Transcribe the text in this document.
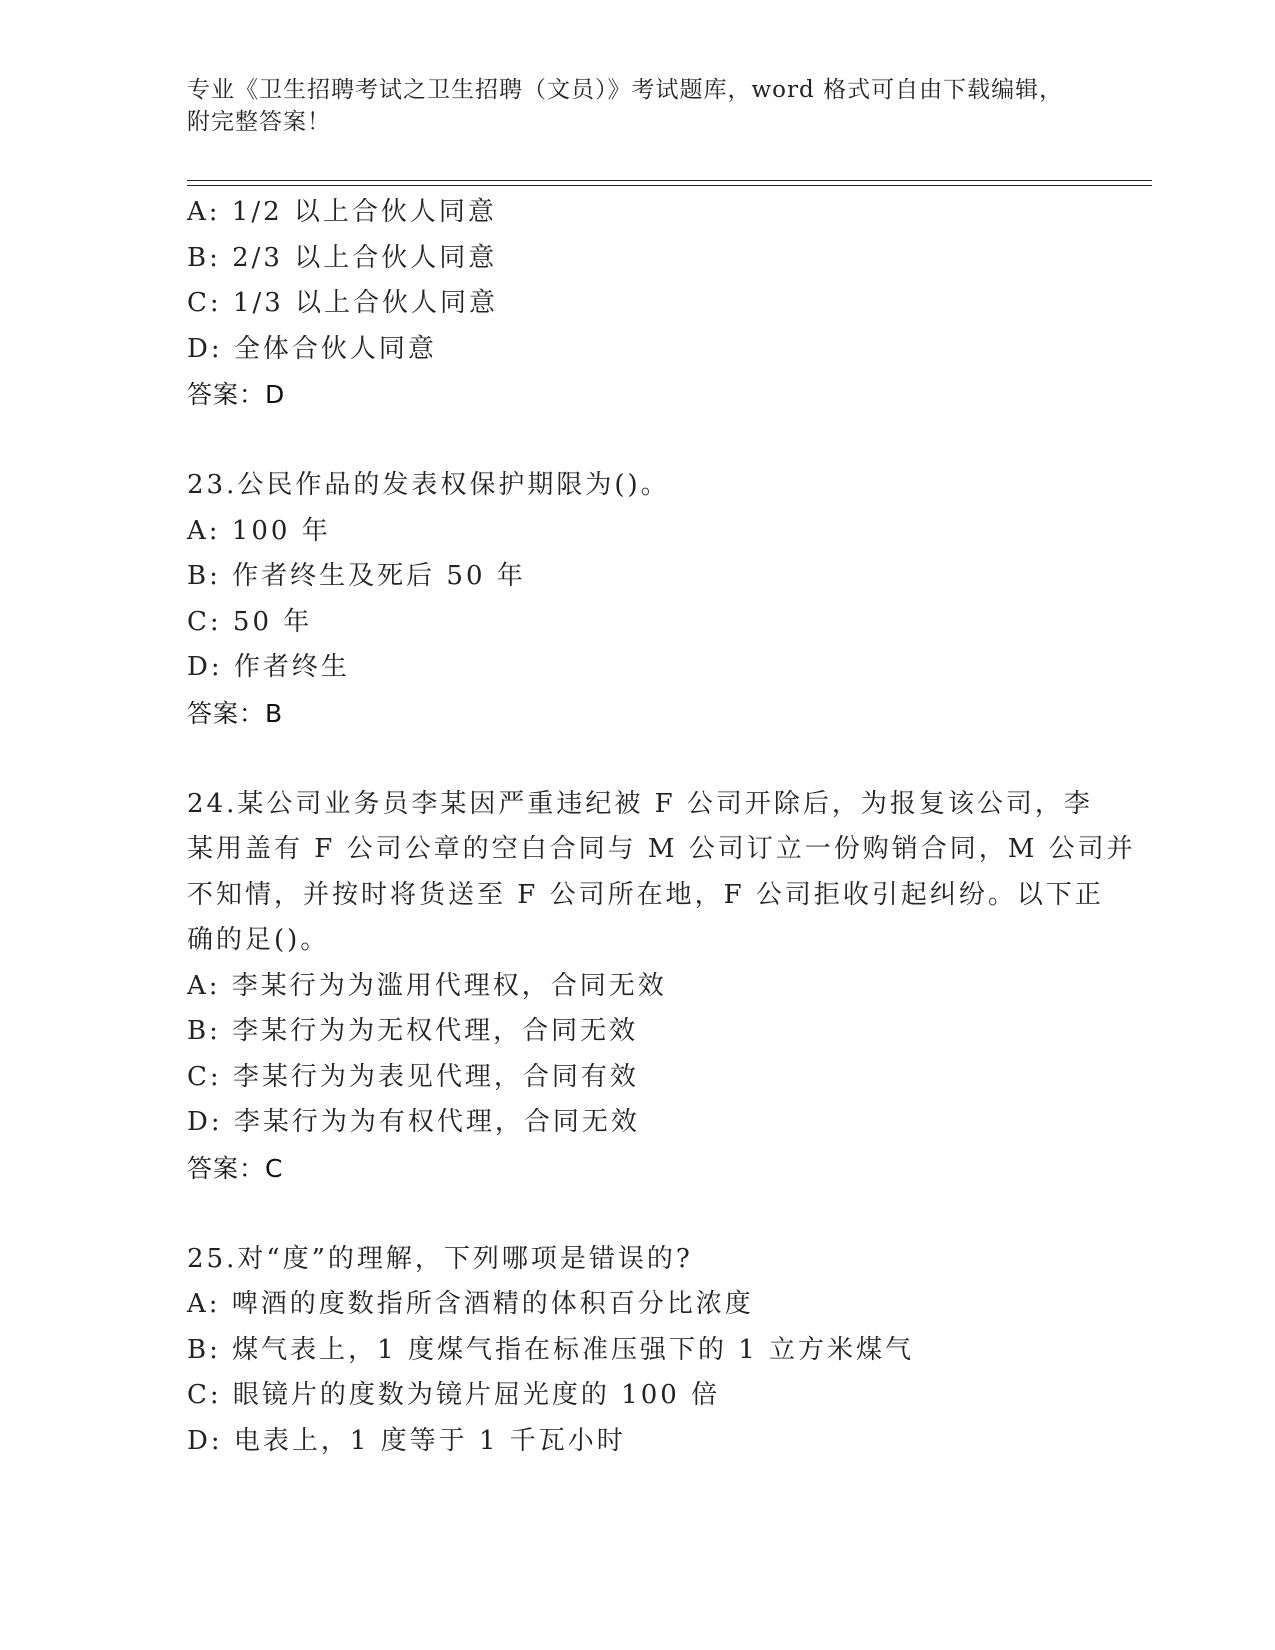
专业《卫生招聘考试之卫生招聘（文员）》考试题库，word 格式可自由下载编辑，附完整答案！
A: 1/2 以上合伙人同意
B: 2/3 以上合伙人同意
C: 1/3 以上合伙人同意
D: 全体合伙人同意
答案：D
23.公民作品的发表权保护期限为()。
A: 100 年
B: 作者终生及死后 50 年
C: 50 年
D: 作者终生
答案：B
24.某公司业务员李某因严重违纪被 F 公司开除后，为报复该公司，李
某用盖有 F 公司公章的空白合同与 M 公司订立一份购销合同，M 公司并
不知情，并按时将货送至 F 公司所在地，F 公司拒收引起纠纷。以下正
确的足()。
A: 李某行为为滥用代理权，合同无效
B: 李某行为为无权代理，合同无效
C: 李某行为为表见代理，合同有效
D: 李某行为为有权代理，合同无效
答案：C
25.对“度”的理解，下列哪项是错误的?
A: 啤酒的度数指所含酒精的体积百分比浓度
B: 煤气表上，1 度煤气指在标准压强下的 1 立方米煤气
C: 眼镜片的度数为镜片屈光度的 100 倍
D: 电表上，1 度等于 1 千瓦小时
